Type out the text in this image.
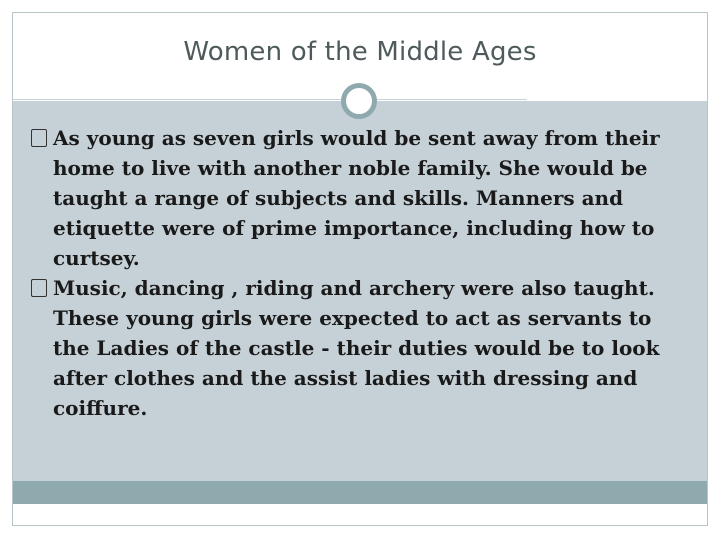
Women of the Middle Ages
As young as seven girls would be sent away from their home to live with another noble family. She would be taught a range of subjects and skills. Manners and etiquette were of prime importance, including how to curtsey.
Music, dancing , riding and archery were also taught. These young girls were expected to act as servants to the Ladies of the castle - their duties would be to look after clothes and the assist ladies with dressing and coiffure.
